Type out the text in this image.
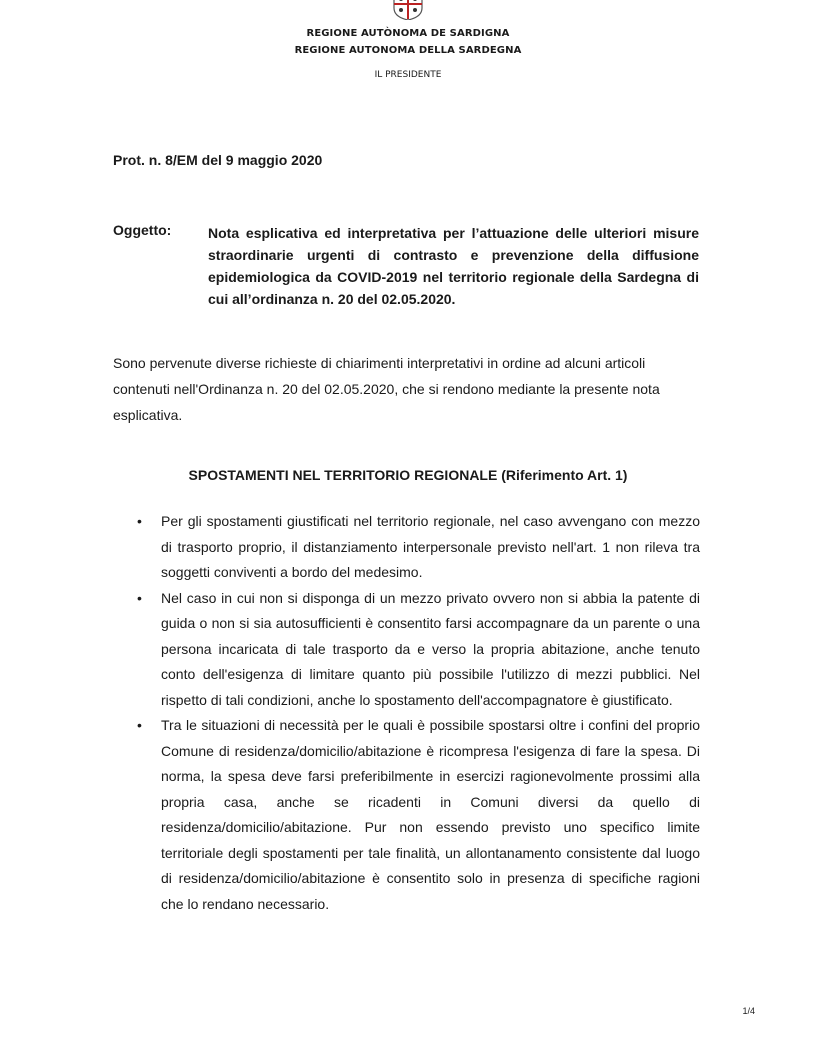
REGIONE AUTÒNOMA DE SARDIGNA
REGIONE AUTONOMA DELLA SARDEGNA
IL PRESIDENTE
Prot. n. 8/EM del 9 maggio 2020
Oggetto:	Nota esplicativa ed interpretativa per l’attuazione delle ulteriori misure straordinarie urgenti di contrasto e prevenzione della diffusione epidemiologica da COVID-2019 nel territorio regionale della Sardegna di cui all’ordinanza n. 20 del 02.05.2020.
Sono pervenute diverse richieste di chiarimenti interpretativi in ordine ad alcuni articoli contenuti nell'Ordinanza n. 20 del 02.05.2020, che si rendono mediante la presente nota esplicativa.
SPOSTAMENTI NEL TERRITORIO REGIONALE (Riferimento Art. 1)
• Per gli spostamenti giustificati nel territorio regionale, nel caso avvengano con mezzo di trasporto proprio, il distanziamento interpersonale previsto nell'art. 1 non rileva tra soggetti conviventi a bordo del medesimo.
• Nel caso in cui non si disponga di un mezzo privato ovvero non si abbia la patente di guida o non si sia autosufficienti è consentito farsi accompagnare da un parente o una persona incaricata di tale trasporto da e verso la propria abitazione, anche tenuto conto dell'esigenza di limitare quanto più possibile l'utilizzo di mezzi pubblici. Nel rispetto di tali condizioni, anche lo spostamento dell'accompagnatore è giustificato.
• Tra le situazioni di necessità per le quali è possibile spostarsi oltre i confini del proprio Comune di residenza/domicilio/abitazione è ricompresa l'esigenza di fare la spesa. Di norma, la spesa deve farsi preferibilmente in esercizi ragionevolmente prossimi alla propria casa, anche se ricadenti in Comuni diversi da quello di residenza/domicilio/abitazione. Pur non essendo previsto uno specifico limite territoriale degli spostamenti per tale finalità, un allontanamento consistente dal luogo di residenza/domicilio/abitazione è consentito solo in presenza di specifiche ragioni che lo rendano necessario.
1/4
